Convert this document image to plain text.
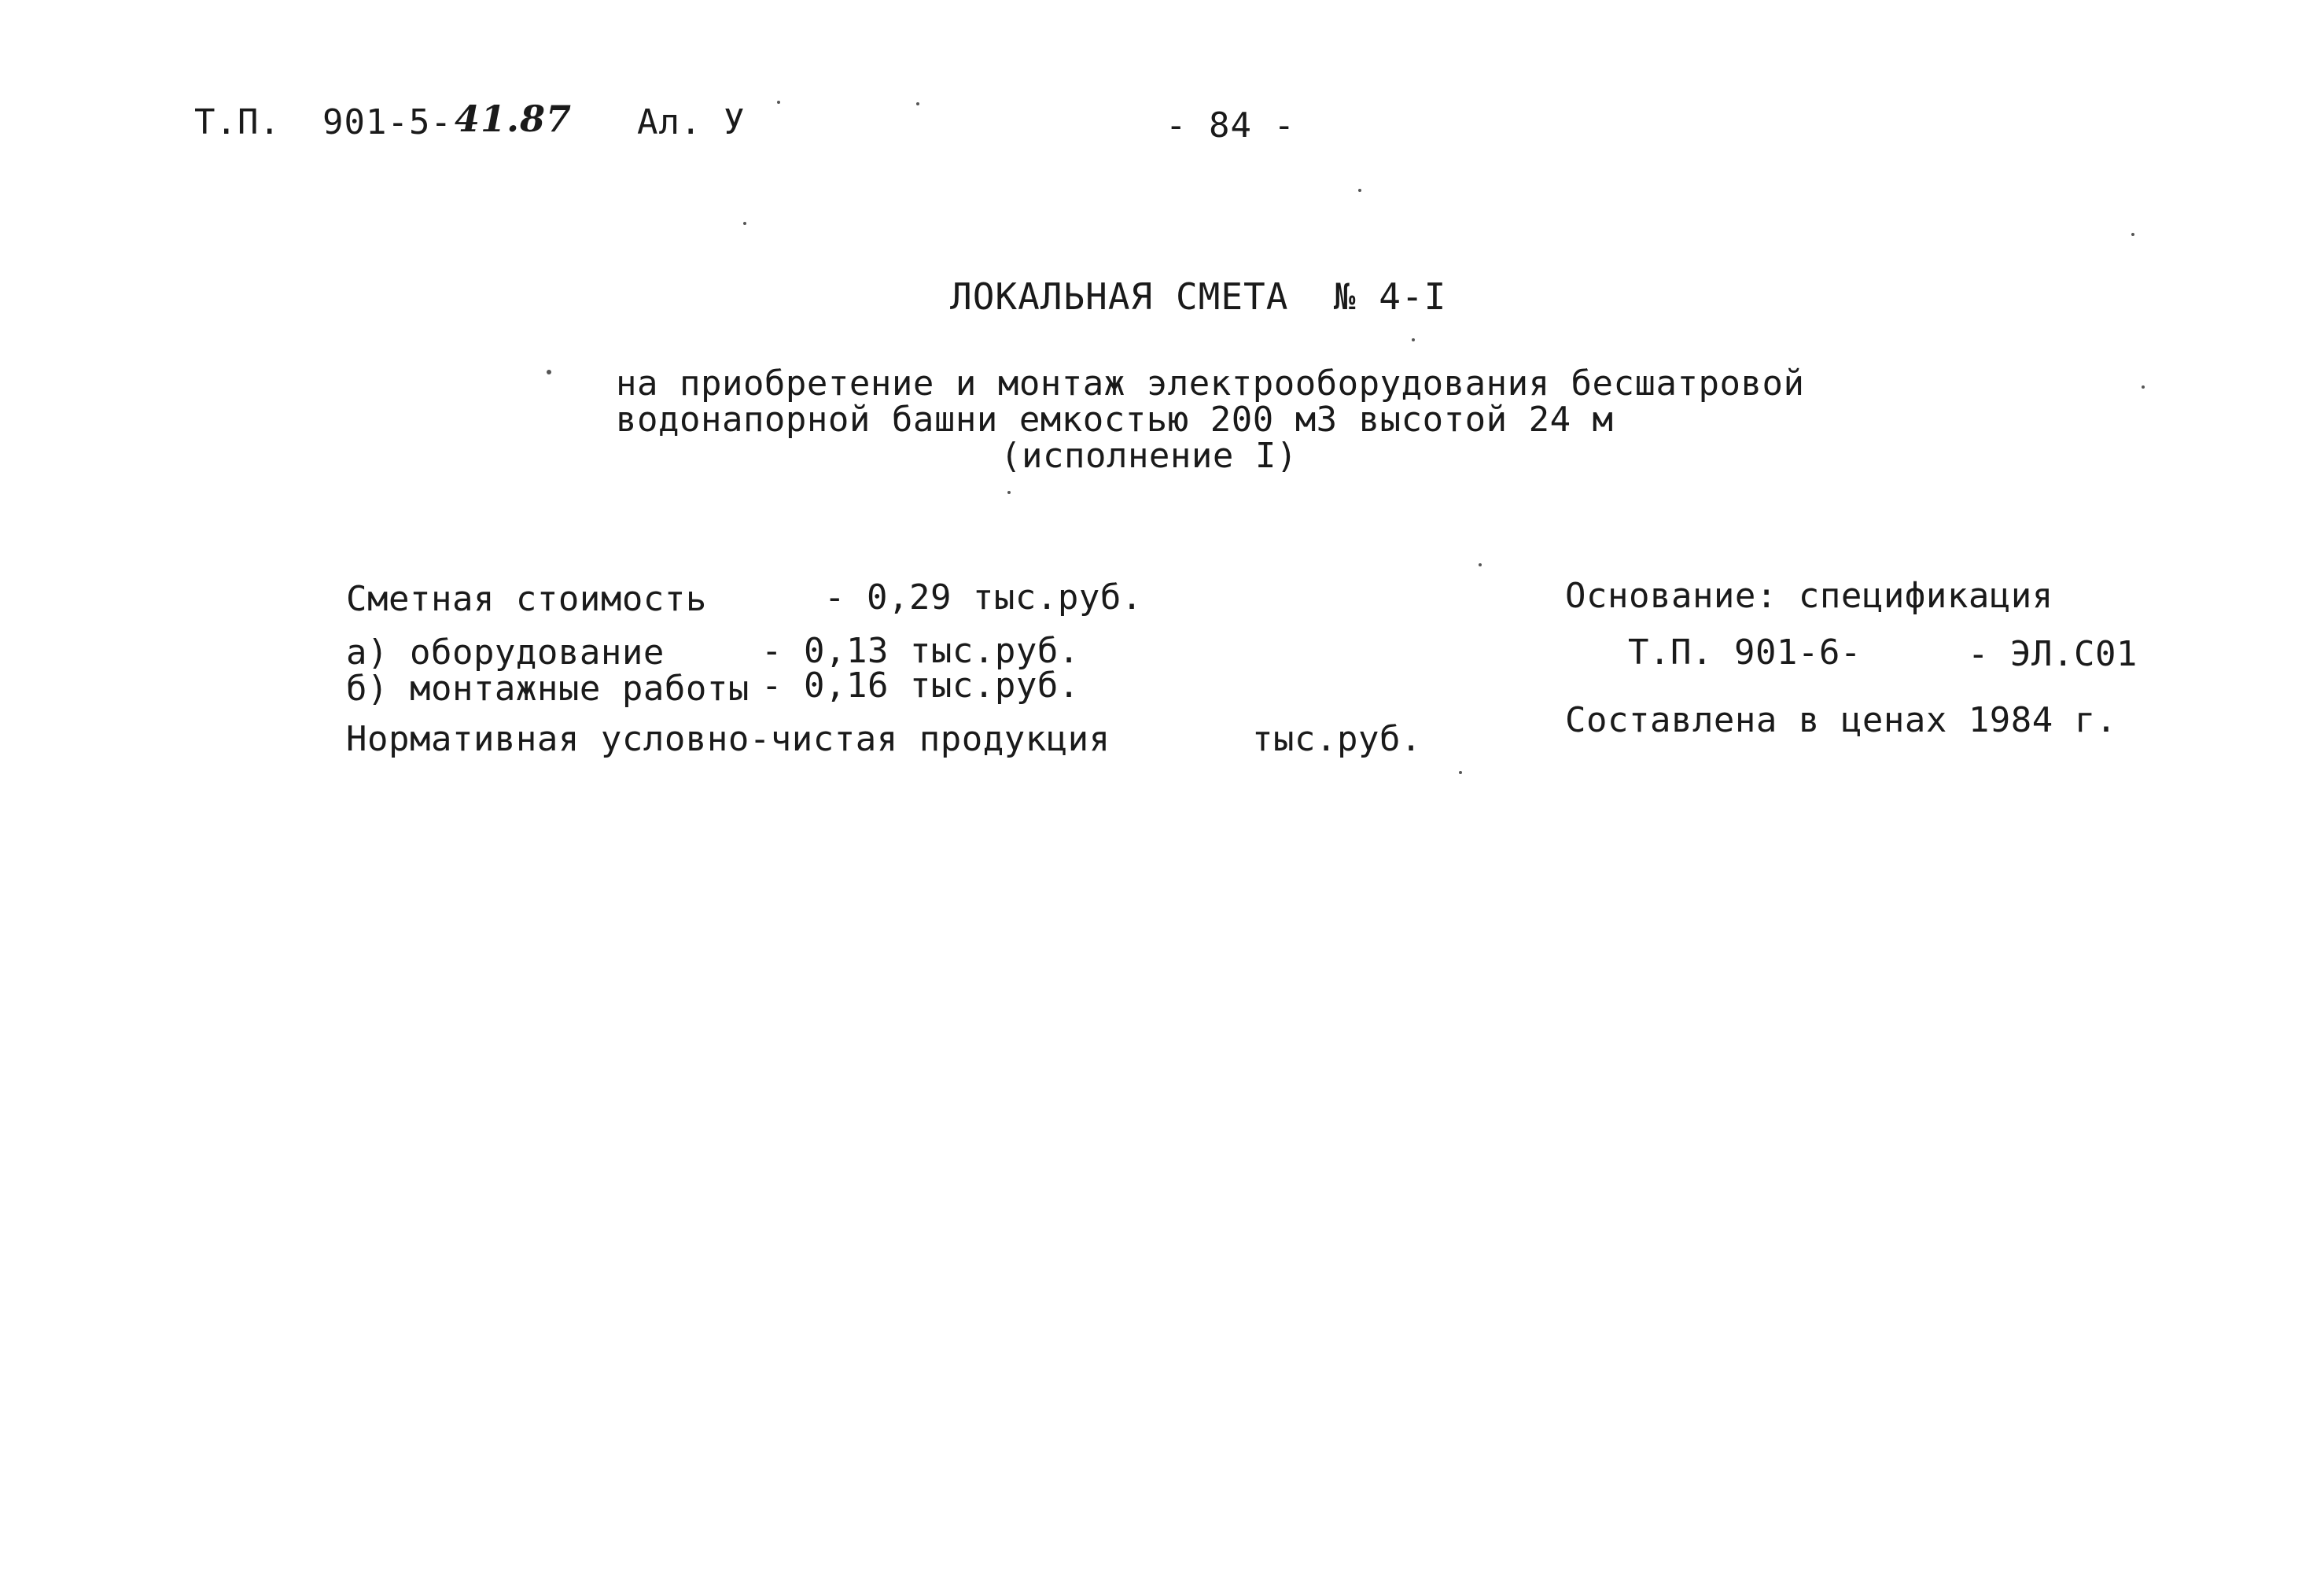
Т.П. 901-5- 41.87 Ал. У	- 84 -
ЛОКАЛЬНАЯ СМЕТА  № 4-I
на приобретение и монтаж электрооборудования бесшатровой
водонапорной башни емкостью 200 м3 высотой 24 м
(исполнение I)
Сметная стоимость	- 0,29 тыс.руб.
а) оборудование	- 0,13 тыс.руб.
б) монтажные работы - 0,16 тыс.руб.
Нормативная условно-чистая продукция	тыс.руб.
Основание: спецификация
Т.П. 901-6-	- ЭЛ.С01
Составлена в ценах 1984 г.
